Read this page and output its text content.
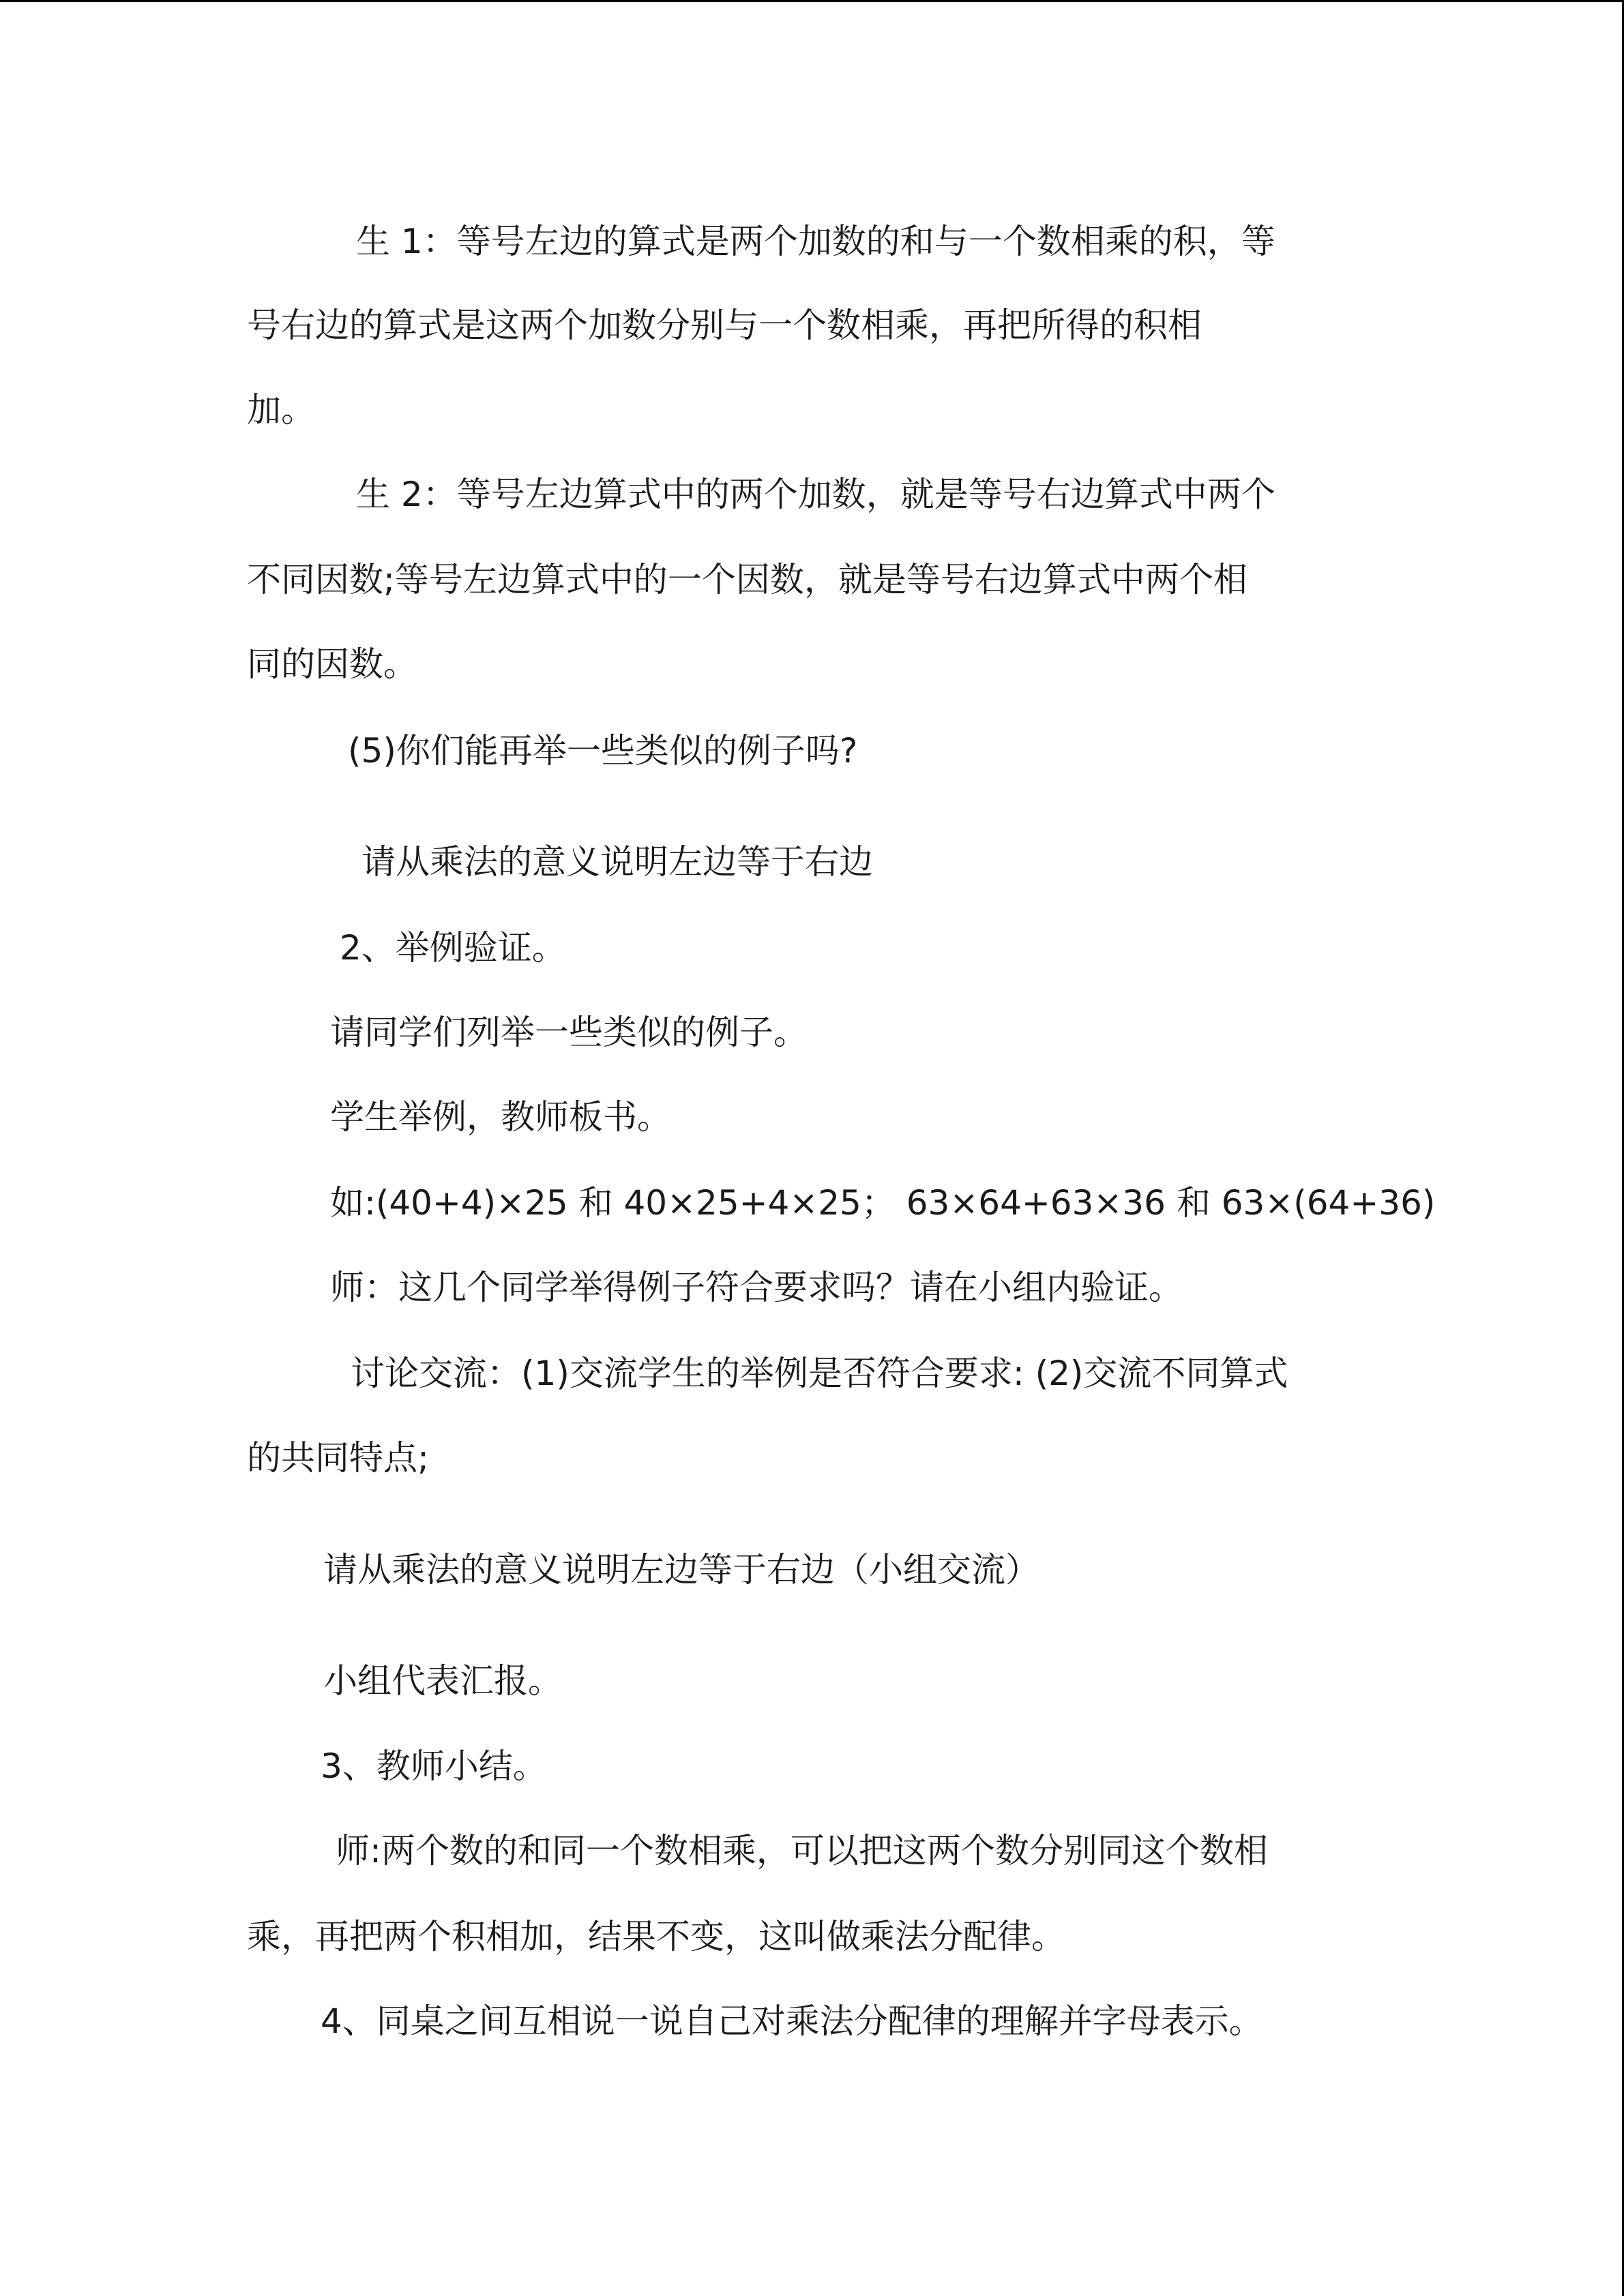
生 1：等号左边的算式是两个加数的和与一个数相乘的积，等

号右边的算式是这两个加数分别与一个数相乘，再把所得的积相

加。

生 2：等号左边算式中的两个加数，就是等号右边算式中两个

不同因数;等号左边算式中的一个因数，就是等号右边算式中两个相

同的因数。

(5)你们能再举一些类似的例子吗?

请从乘法的意义说明左边等于右边

2、举例验证。

请同学们列举一些类似的例子。

学生举例，教师板书。

如:(40+4)×25 和 40×25+4×25； 63×64+63×36 和 63×(64+36)

师：这几个同学举得例子符合要求吗？请在小组内验证。

讨论交流：(1)交流学生的举例是否符合要求: (2)交流不同算式

的共同特点;

请从乘法的意义说明左边等于右边（小组交流）

小组代表汇报。

3、教师小结。

师:两个数的和同一个数相乘，可以把这两个数分别同这个数相

乘，再把两个积相加，结果不变，这叫做乘法分配律。

4、同桌之间互相说一说自己对乘法分配律的理解并字母表示。
